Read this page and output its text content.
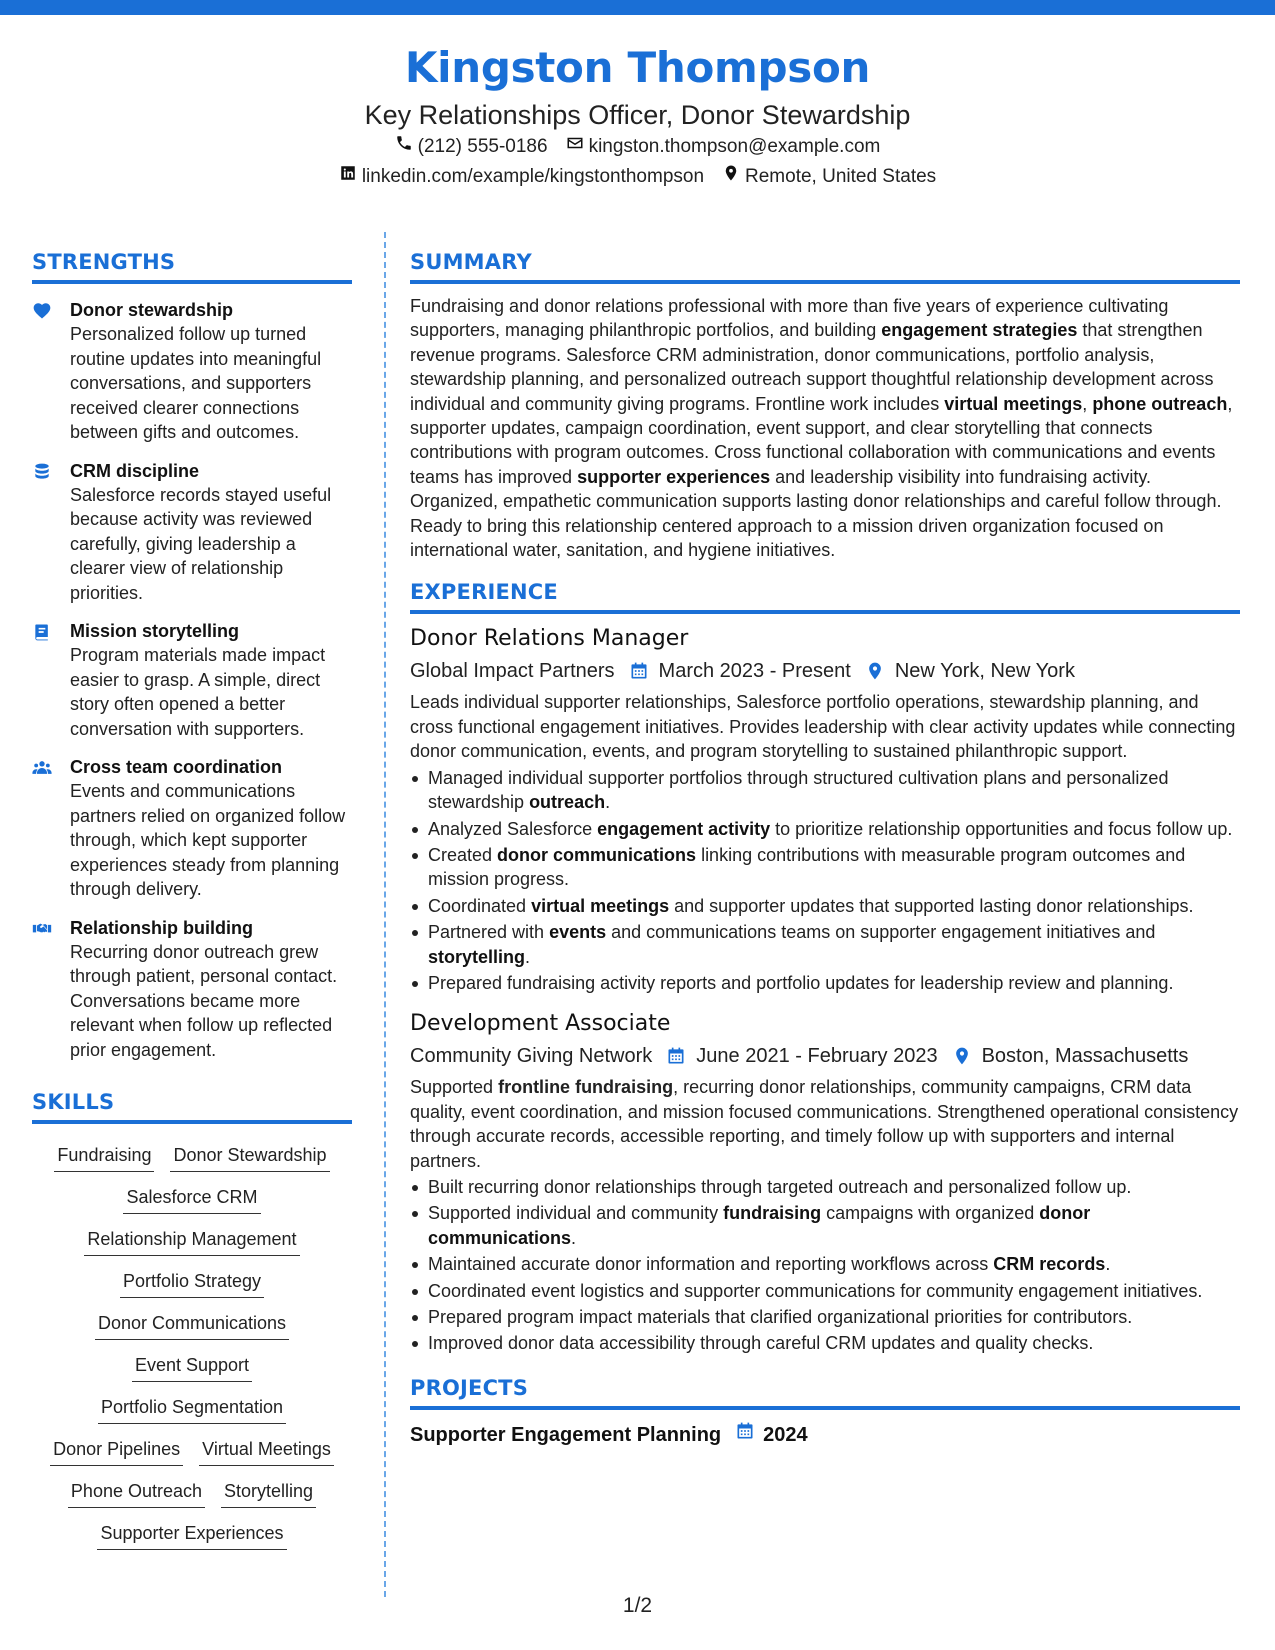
Kingston Thompson
Key Relationships Officer, Donor Stewardship
(212) 555-0186 kingston.thompson@example.com
linkedin.com/example/kingstonthompson Remote, United States
STRENGTHS
Donor stewardship
Personalized follow up turned routine updates into meaningful conversations, and supporters received clearer connections between gifts and outcomes.
CRM discipline
Salesforce records stayed useful because activity was reviewed carefully, giving leadership a clearer view of relationship priorities.
Mission storytelling
Program materials made impact easier to grasp. A simple, direct story often opened a better conversation with supporters.
Cross team coordination
Events and communications partners relied on organized follow through, which kept supporter experiences steady from planning through delivery.
Relationship building
Recurring donor outreach grew through patient, personal contact. Conversations became more relevant when follow up reflected prior engagement.
SKILLS
Fundraising Donor Stewardship
Salesforce CRM
Relationship Management
Portfolio Strategy
Donor Communications
Event Support
Portfolio Segmentation
Donor Pipelines Virtual Meetings
Phone Outreach Storytelling
Supporter Experiences
SUMMARY
Fundraising and donor relations professional with more than five years of experience cultivating supporters, managing philanthropic portfolios, and building engagement strategies that strengthen revenue programs. Salesforce CRM administration, donor communications, portfolio analysis, stewardship planning, and personalized outreach support thoughtful relationship development across individual and community giving programs. Frontline work includes virtual meetings, phone outreach, supporter updates, campaign coordination, event support, and clear storytelling that connects contributions with program outcomes. Cross functional collaboration with communications and events teams has improved supporter experiences and leadership visibility into fundraising activity. Organized, empathetic communication supports lasting donor relationships and careful follow through. Ready to bring this relationship centered approach to a mission driven organization focused on international water, sanitation, and hygiene initiatives.
EXPERIENCE
Donor Relations Manager
Global Impact Partners March 2023 - Present New York, New York
Leads individual supporter relationships, Salesforce portfolio operations, stewardship planning, and cross functional engagement initiatives. Provides leadership with clear activity updates while connecting donor communication, events, and program storytelling to sustained philanthropic support.
Managed individual supporter portfolios through structured cultivation plans and personalized stewardship outreach.
Analyzed Salesforce engagement activity to prioritize relationship opportunities and focus follow up.
Created donor communications linking contributions with measurable program outcomes and mission progress.
Coordinated virtual meetings and supporter updates that supported lasting donor relationships.
Partnered with events and communications teams on supporter engagement initiatives and storytelling.
Prepared fundraising activity reports and portfolio updates for leadership review and planning.
Development Associate
Community Giving Network June 2021 - February 2023 Boston, Massachusetts
Supported frontline fundraising, recurring donor relationships, community campaigns, CRM data quality, event coordination, and mission focused communications. Strengthened operational consistency through accurate records, accessible reporting, and timely follow up with supporters and internal partners.
Built recurring donor relationships through targeted outreach and personalized follow up.
Supported individual and community fundraising campaigns with organized donor communications.
Maintained accurate donor information and reporting workflows across CRM records.
Coordinated event logistics and supporter communications for community engagement initiatives.
Prepared program impact materials that clarified organizational priorities for contributors.
Improved donor data accessibility through careful CRM updates and quality checks.
PROJECTS
Supporter Engagement Planning 2024
1/2
